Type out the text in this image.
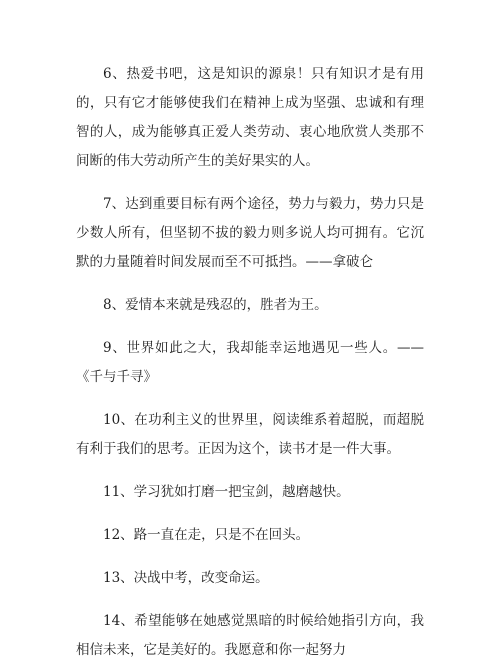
6、热爱书吧，这是知识的源泉！只有知识才是有用的，只有它才能够使我们在精神上成为坚强、忠诚和有理智的人，成为能够真正爱人类劳动、衷心地欣赏人类那不间断的伟大劳动所产生的美好果实的人。

7、达到重要目标有两个途径，势力与毅力，势力只是少数人所有，但坚韧不拔的毅力则多说人均可拥有。它沉默的力量随着时间发展而至不可抵挡。——拿破仑

8、爱情本来就是残忍的，胜者为王。

9、世界如此之大，我却能幸运地遇见一些人。——《千与千寻》

10、在功利主义的世界里，阅读维系着超脱，而超脱有利于我们的思考。正因为这个，读书才是一件大事。

11、学习犹如打磨一把宝剑，越磨越快。

12、路一直在走，只是不在回头。

13、决战中考，改变命运。

14、希望能够在她感觉黑暗的时候给她指引方向，我相信未来，它是美好的。我愿意和你一起努力
